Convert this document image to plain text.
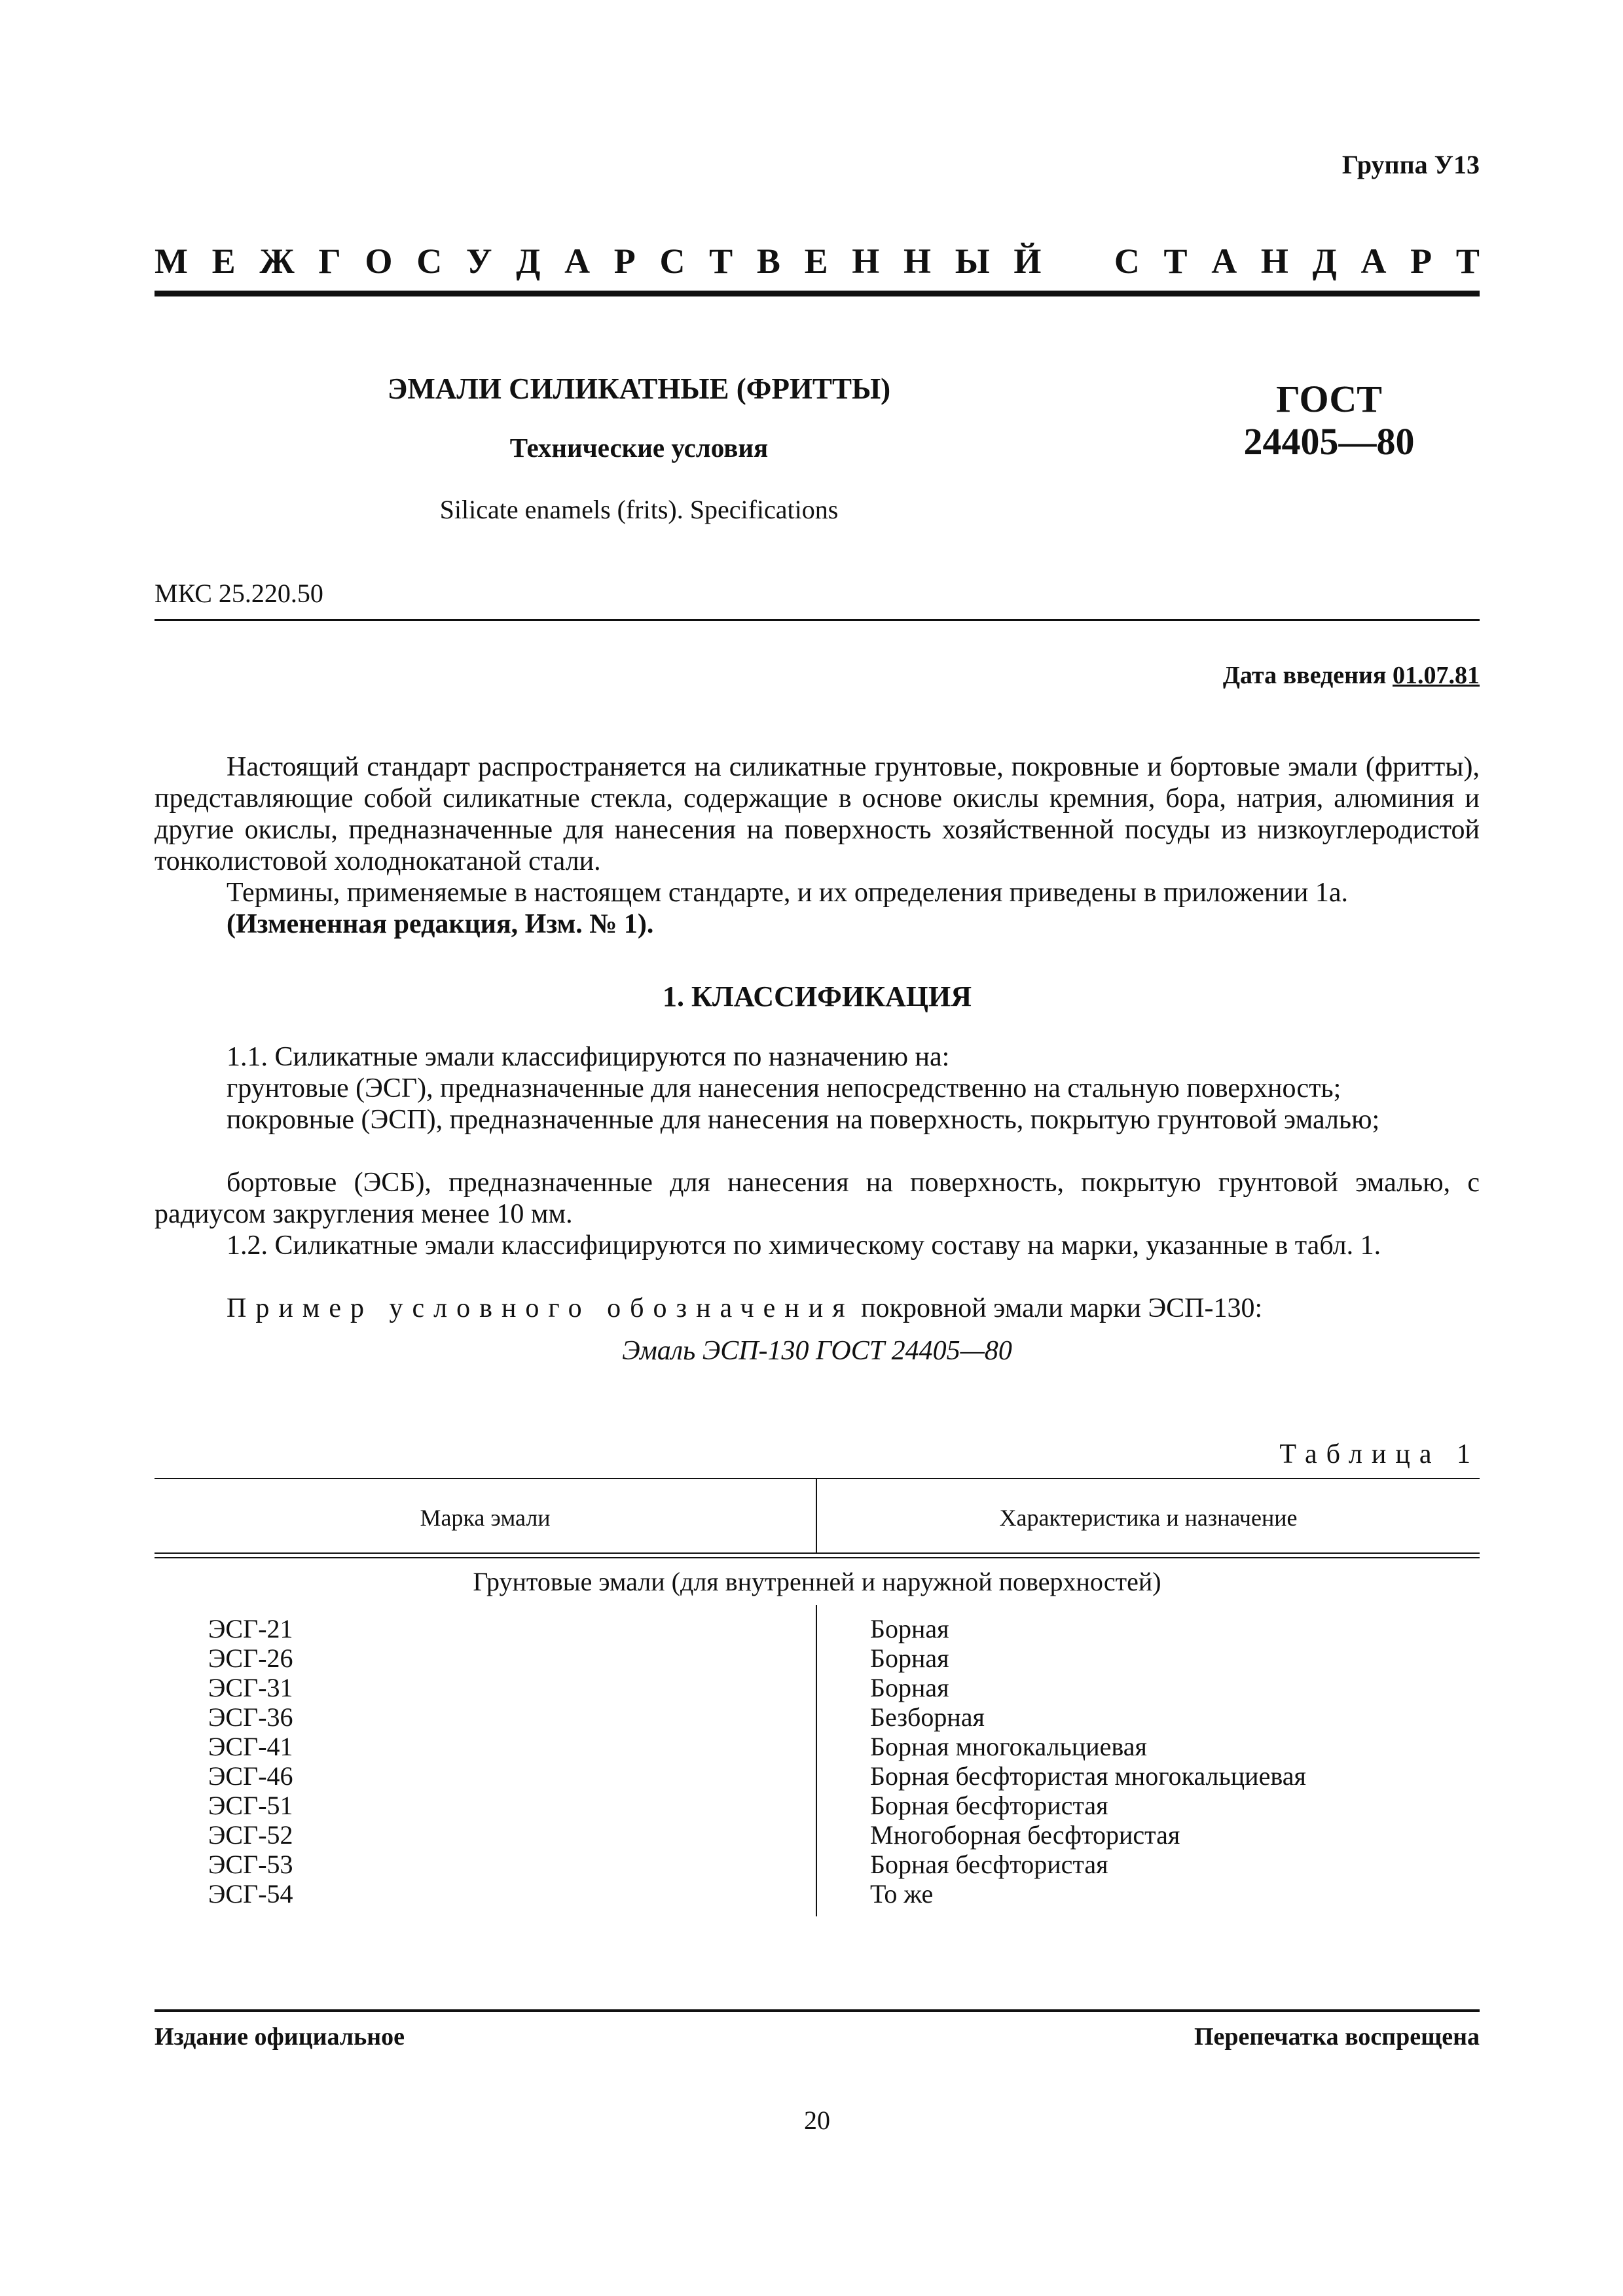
Группа У13
М Е Ж Г О С У Д А Р С Т В Е Н Н Ы Й С Т А Н Д А Р Т
ЭМАЛИ СИЛИКАТНЫЕ (ФРИТТЫ)
Технические условия
Silicate enamels (frits). Specifications
ГОСТ
24405—80
МКС 25.220.50
Дата введения 01.07.81
Настоящий стандарт распространяется на силикатные грунтовые, покровные и бортовые эмали (фритты), представляющие собой силикатные стекла, содержащие в основе окислы кремния, бора, натрия, алюминия и другие окислы, предназначенные для нанесения на поверхность хозяйственной посуды из низкоуглеродистой тонколистовой холоднокатаной стали.
Термины, применяемые в настоящем стандарте, и их определения приведены в приложении 1а.
(Измененная редакция, Изм. № 1).
1. КЛАССИФИКАЦИЯ
1.1. Силикатные эмали классифицируются по назначению на:
грунтовые (ЭСГ), предназначенные для нанесения непосредственно на стальную поверхность;
покровные (ЭСП), предназначенные для нанесения на поверхность, покрытую грунтовой эмалью;
бортовые (ЭСБ), предназначенные для нанесения на поверхность, покрытую грунтовой эмалью, с радиусом закругления менее 10 мм.
1.2. Силикатные эмали классифицируются по химическому составу на марки, указанные в табл. 1.
Пример условного обозначения покровной эмали марки ЭСП-130:
Эмаль ЭСП-130 ГОСТ 24405—80
Таблица 1
Марка эмали	Характеристика и назначение
Грунтовые эмали (для внутренней и наружной поверхностей)
ЭСГ-21	Борная
ЭСГ-26	Борная
ЭСГ-31	Борная
ЭСГ-36	Безборная
ЭСГ-41	Борная многокальциевая
ЭСГ-46	Борная бесфтористая многокальциевая
ЭСГ-51	Борная бесфтористая
ЭСГ-52	Многоборная бесфтористая
ЭСГ-53	Борная бесфтористая
ЭСГ-54	То же
Издание официальное	Перепечатка воспрещена
20
